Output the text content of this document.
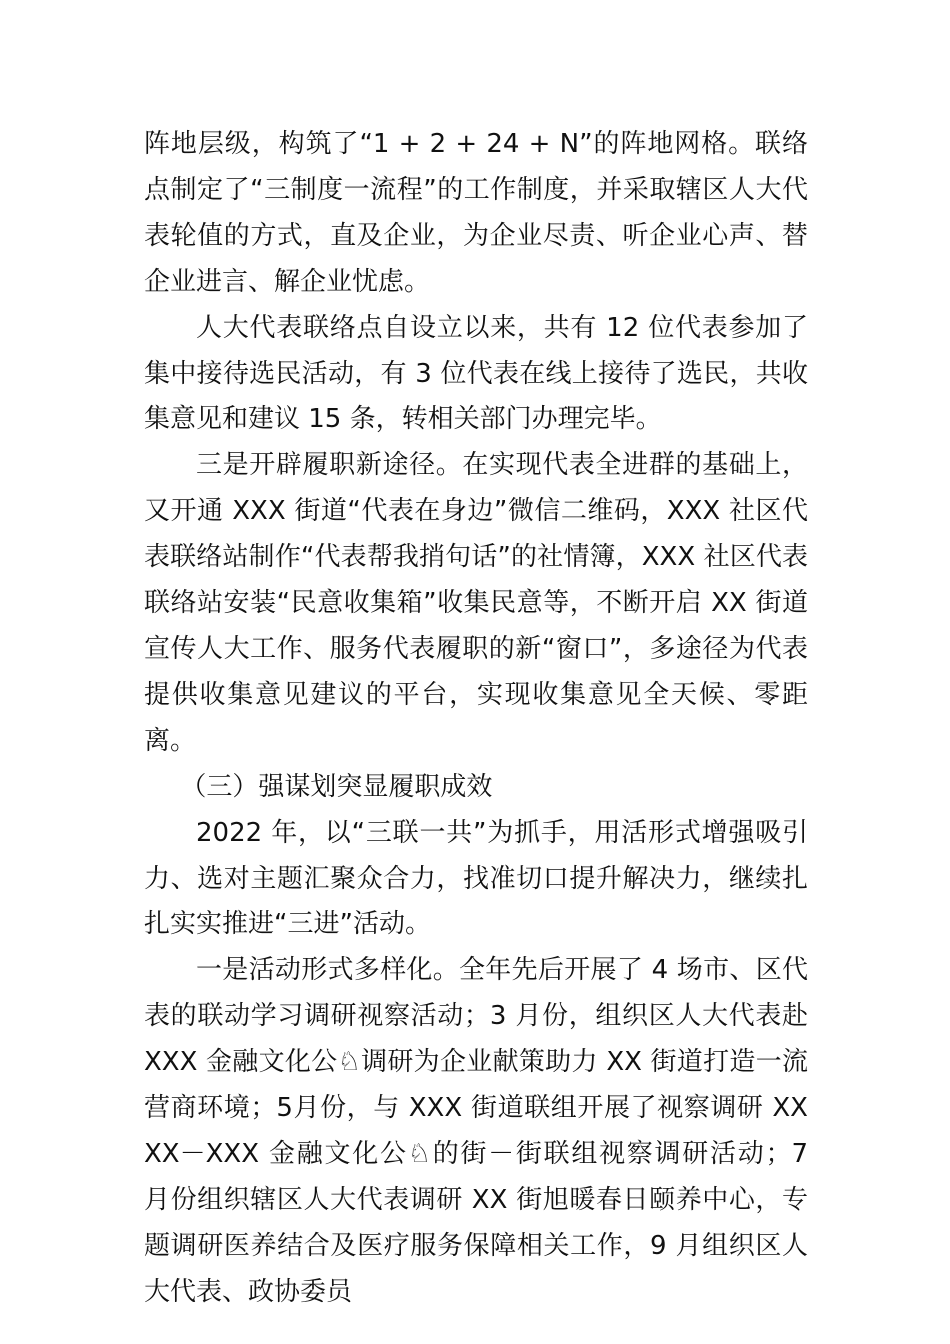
阵地层级，构筑了“1 + 2 + 24 + N”的阵地网格。联络点制定了“三制度一流程”的工作制度，并采取辖区人大代表轮值的方式，直及企业，为企业尽责、听企业心声、替企业进言、解企业忧虑。

人大代表联络点自设立以来，共有 12 位代表参加了集中接待选民活动，有 3 位代表在线上接待了选民，共收集意见和建议 15 条，转相关部门办理完毕。

三是开辟履职新途径。在实现代表全进群的基础上，又开通 XXX 街道“代表在身边”微信二维码，XXX 社区代表联络站制作“代表帮我捎句话”的社情簿，XXX 社区代表联络站安装“民意收集箱”收集民意等，不断开启 XX 街道宣传人大工作、服务代表履职的新“窗口”，多途径为代表提供收集意见建议的平台，实现收集意见全天候、零距离。

（三）强谋划突显履职成效

2022 年，以“三联一共”为抓手，用活形式增强吸引力、选对主题汇聚众合力，找准切口提升解决力，继续扎扎实实推进“三进”活动。

一是活动形式多样化。全年先后开展了 4 场市、区代表的联动学习调研视察活动；3 月份，组织区人大代表赴 XXX 金融文化公♘调研为企业献策助力 XX 街道打造一流营商环境；5月份，与 XXX 街道联组开展了视察调研 XXXX－XXX 金融文化公♘的街－街联组视察调研活动；7 月份组织辖区人大代表调研 XX 街旭暖春日颐养中心，专题调研医养结合及医疗服务保障相关工作，9 月组织区人大代表、政协委员
